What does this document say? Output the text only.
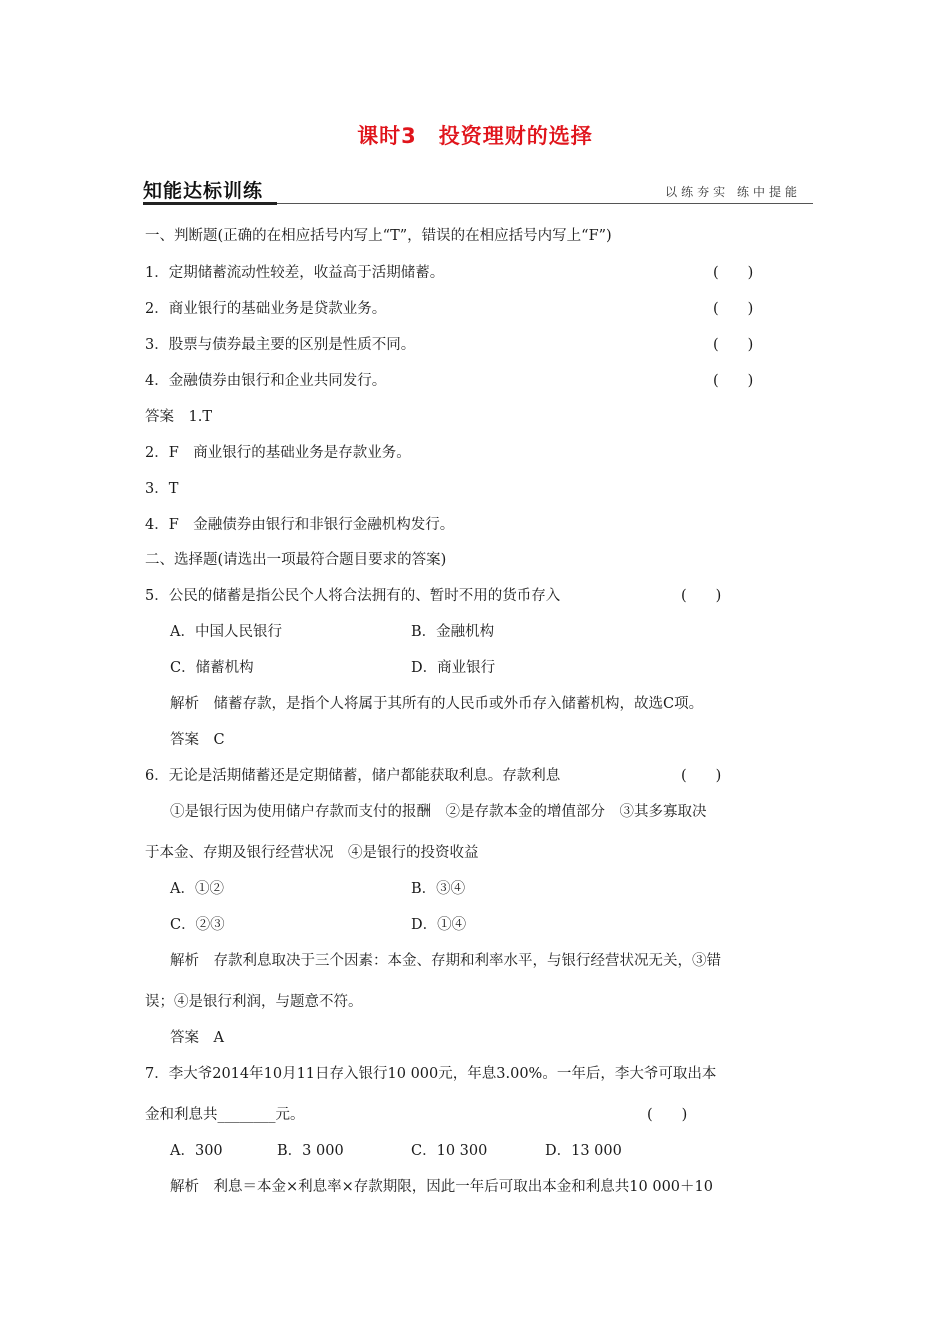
课时3　投资理财的选择
知能达标训练	以练夯实 练中提能
一、判断题(正确的在相应括号内写上“T”，错误的在相应括号内写上“F”)
1．定期储蓄流动性较差，收益高于活期储蓄。	(　　)
2．商业银行的基础业务是贷款业务。	(　　)
3．股票与债券最主要的区别是性质不同。	(　　)
4．金融债券由银行和企业共同发行。	(　　)
答案　1.T
2．F　商业银行的基础业务是存款业务。
3．T
4．F　金融债券由银行和非银行金融机构发行。
二、选择题(请选出一项最符合题目要求的答案)
5．公民的储蓄是指公民个人将合法拥有的、暂时不用的货币存入	(　　)
A．中国人民银行	B．金融机构
C．储蓄机构	D．商业银行
解析　储蓄存款，是指个人将属于其所有的人民币或外币存入储蓄机构，故选C项。
答案　C
6．无论是活期储蓄还是定期储蓄，储户都能获取利息。存款利息	(　　)
①是银行因为使用储户存款而支付的报酬　②是存款本金的增值部分　③其多寡取决
于本金、存期及银行经营状况　④是银行的投资收益
A．①②	B．③④
C．②③	D．①④
解析　存款利息取决于三个因素：本金、存期和利率水平，与银行经营状况无关，③错
误；④是银行利润，与题意不符。
答案　A
7．李大爷2014年10月11日存入银行10 000元，年息3.00%。一年后，李大爷可取出本
金和利息共________元。	(　　)
A．300	B．3 000	C．10 300	D．13 000
解析　利息＝本金×利息率×存款期限，因此一年后可取出本金和利息共10 000＋10
